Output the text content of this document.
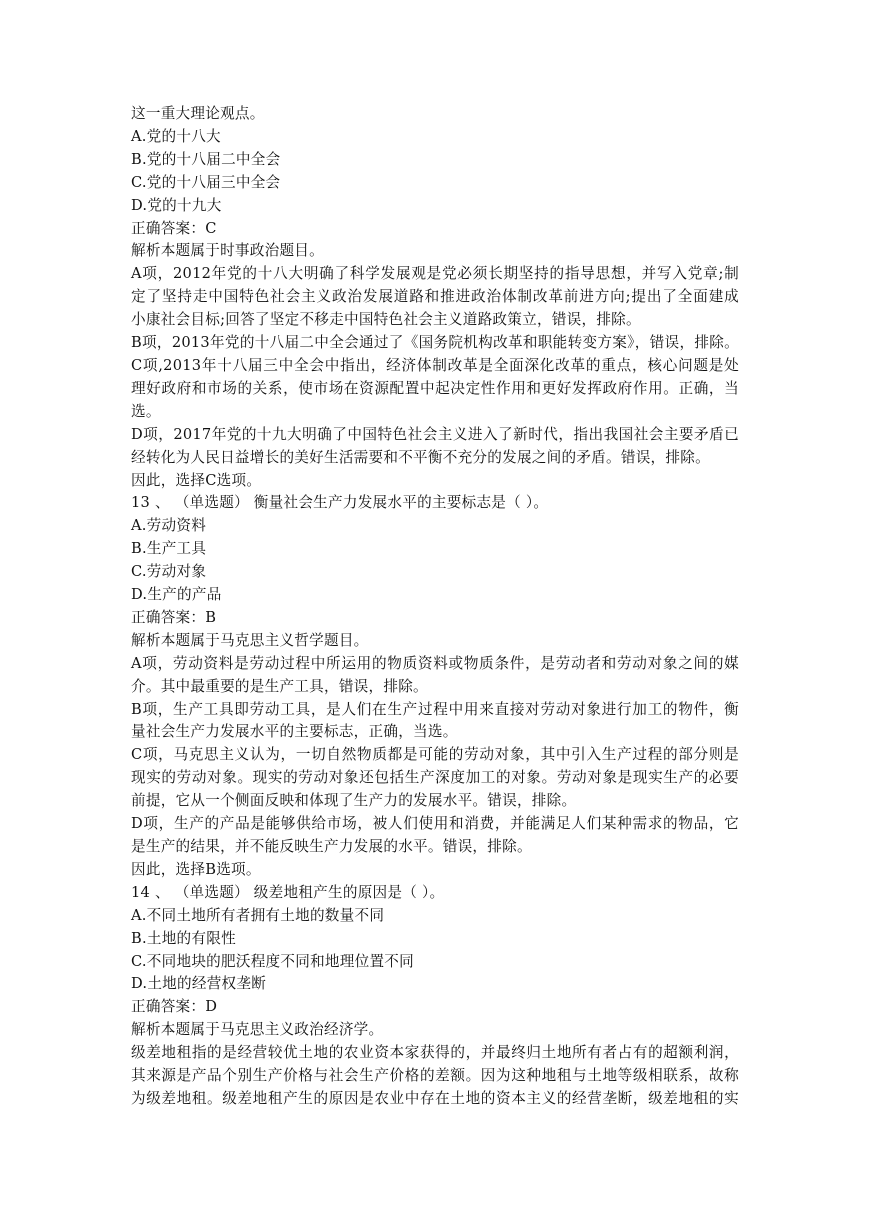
这一重大理论观点。
A.党的十八大
B.党的十八届二中全会
C.党的十八届三中全会
D.党的十九大
正确答案：C
解析本题属于时事政治题目。
A项，2012年党的十八大明确了科学发展观是党必须长期坚持的指导思想，并写入党章;制
定了坚持走中国特色社会主义政治发展道路和推进政治体制改革前进方向;提出了全面建成
小康社会目标;回答了坚定不移走中国特色社会主义道路政策立，错误，排除。
B项，2013年党的十八届二中全会通过了《国务院机构改革和职能转变方案》，错误，排除。
C项,2013年十八届三中全会中指出，经济体制改革是全面深化改革的重点，核心问题是处
理好政府和市场的关系，使市场在资源配置中起决定性作用和更好发挥政府作用。正确，当
选。
D项，2017年党的十九大明确了中国特色社会主义进入了新时代，指出我国社会主要矛盾已
经转化为人民日益增长的美好生活需要和不平衡不充分的发展之间的矛盾。错误，排除。
因此，选择C选项。
13 、 （单选题） 衡量社会生产力发展水平的主要标志是（ ）。
A.劳动资料
B.生产工具
C.劳动对象
D.生产的产品
正确答案：B
解析本题属于马克思主义哲学题目。
A项，劳动资料是劳动过程中所运用的物质资料或物质条件，是劳动者和劳动对象之间的媒
介。其中最重要的是生产工具，错误，排除。
B项，生产工具即劳动工具，是人们在生产过程中用来直接对劳动对象进行加工的物件，衡
量社会生产力发展水平的主要标志，正确，当选。
C项，马克思主义认为，一切自然物质都是可能的劳动对象，其中引入生产过程的部分则是
现实的劳动对象。现实的劳动对象还包括生产深度加工的对象。劳动对象是现实生产的必要
前提，它从一个侧面反映和体现了生产力的发展水平。错误，排除。
D项，生产的产品是能够供给市场，被人们使用和消费，并能满足人们某种需求的物品，它
是生产的结果，并不能反映生产力发展的水平。错误，排除。
因此，选择B选项。
14 、 （单选题） 级差地租产生的原因是（ ）。
A.不同土地所有者拥有土地的数量不同
B.土地的有限性
C.不同地块的肥沃程度不同和地理位置不同
D.土地的经营权垄断
正确答案：D
解析本题属于马克思主义政治经济学。
级差地租指的是经营较优土地的农业资本家获得的，并最终归土地所有者占有的超额利润，
其来源是产品个别生产价格与社会生产价格的差额。因为这种地租与土地等级相联系，故称
为级差地租。级差地租产生的原因是农业中存在土地的资本主义的经营垄断，级差地租的实
